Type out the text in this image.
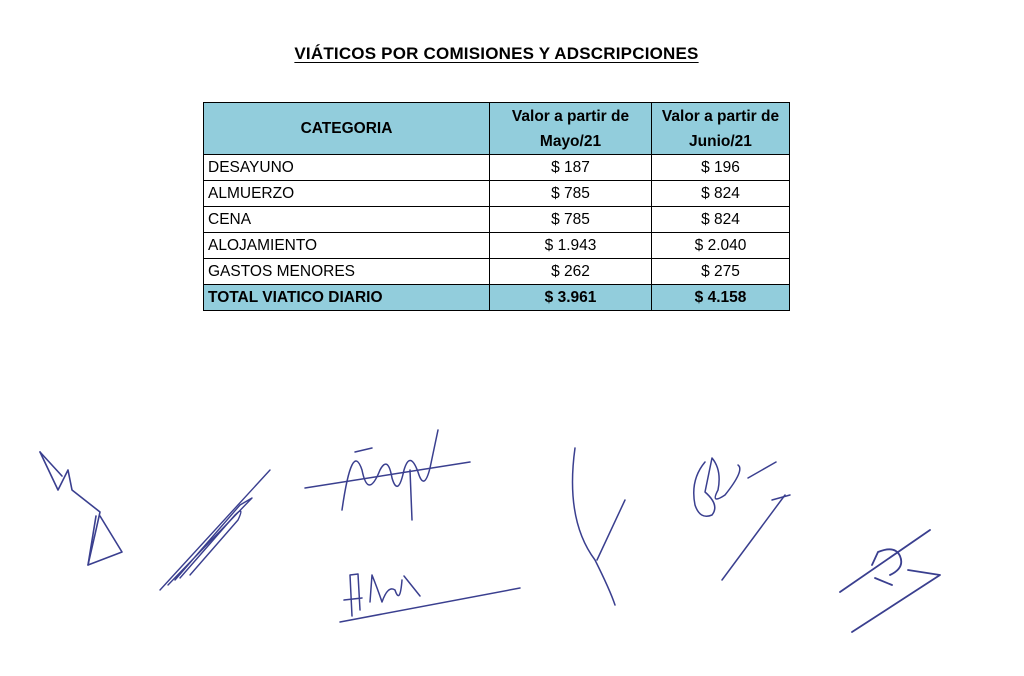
VIÁTICOS POR COMISIONES Y ADSCRIPCIONES
CATEGORIA	Valor a partir de Mayo/21	Valor a partir de Junio/21
DESAYUNO	$ 187	$ 196
ALMUERZO	$ 785	$ 824
CENA	$ 785	$ 824
ALOJAMIENTO	$ 1.943	$ 2.040
GASTOS MENORES	$ 262	$ 275
TOTAL VIATICO DIARIO	$ 3.961	$ 4.158
